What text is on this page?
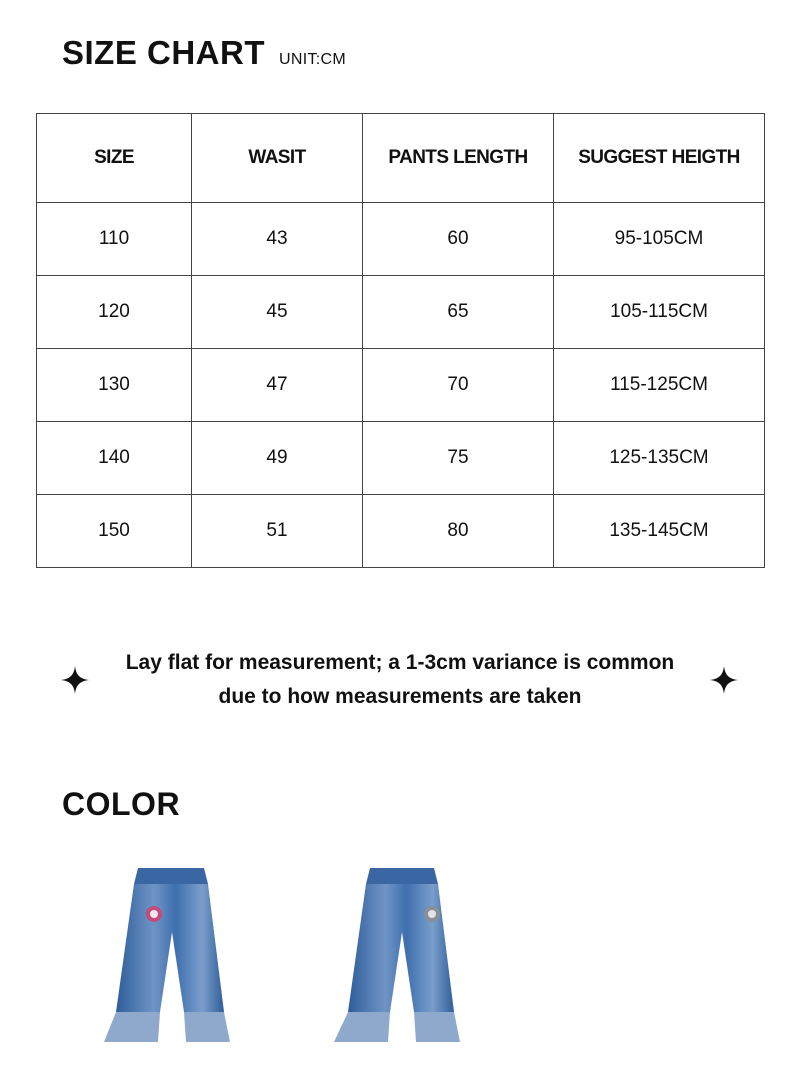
SIZE CHART UNIT:CM
SIZE	WASIT	PANTS LENGTH	SUGGEST HEIGTH
110	43	60	95-105CM
120	45	65	105-115CM
130	47	70	115-125CM
140	49	75	125-135CM
150	51	80	135-145CM
Lay flat for measurement; a 1-3cm variance is common
due to how measurements are taken
COLOR
